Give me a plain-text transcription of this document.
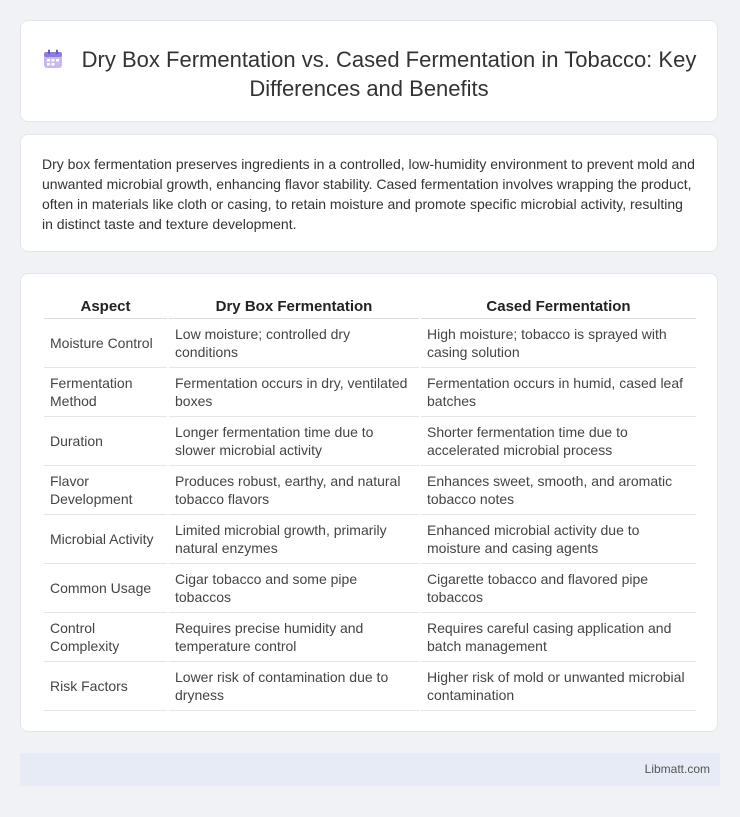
Dry Box Fermentation vs. Cased Fermentation in Tobacco: Key Differences and Benefits
Dry box fermentation preserves ingredients in a controlled, low-humidity environment to prevent mold and unwanted microbial growth, enhancing flavor stability. Cased fermentation involves wrapping the product, often in materials like cloth or casing, to retain moisture and promote specific microbial activity, resulting in distinct taste and texture development.
Aspect	Dry Box Fermentation	Cased Fermentation
Moisture Control	Low moisture; controlled dry conditions	High moisture; tobacco is sprayed with casing solution
Fermentation Method	Fermentation occurs in dry, ventilated boxes	Fermentation occurs in humid, cased leaf batches
Duration	Longer fermentation time due to slower microbial activity	Shorter fermentation time due to accelerated microbial process
Flavor Development	Produces robust, earthy, and natural tobacco flavors	Enhances sweet, smooth, and aromatic tobacco notes
Microbial Activity	Limited microbial growth, primarily natural enzymes	Enhanced microbial activity due to moisture and casing agents
Common Usage	Cigar tobacco and some pipe tobaccos	Cigarette tobacco and flavored pipe tobaccos
Control Complexity	Requires precise humidity and temperature control	Requires careful casing application and batch management
Risk Factors	Lower risk of contamination due to dryness	Higher risk of mold or unwanted microbial contamination
Libmatt.com
